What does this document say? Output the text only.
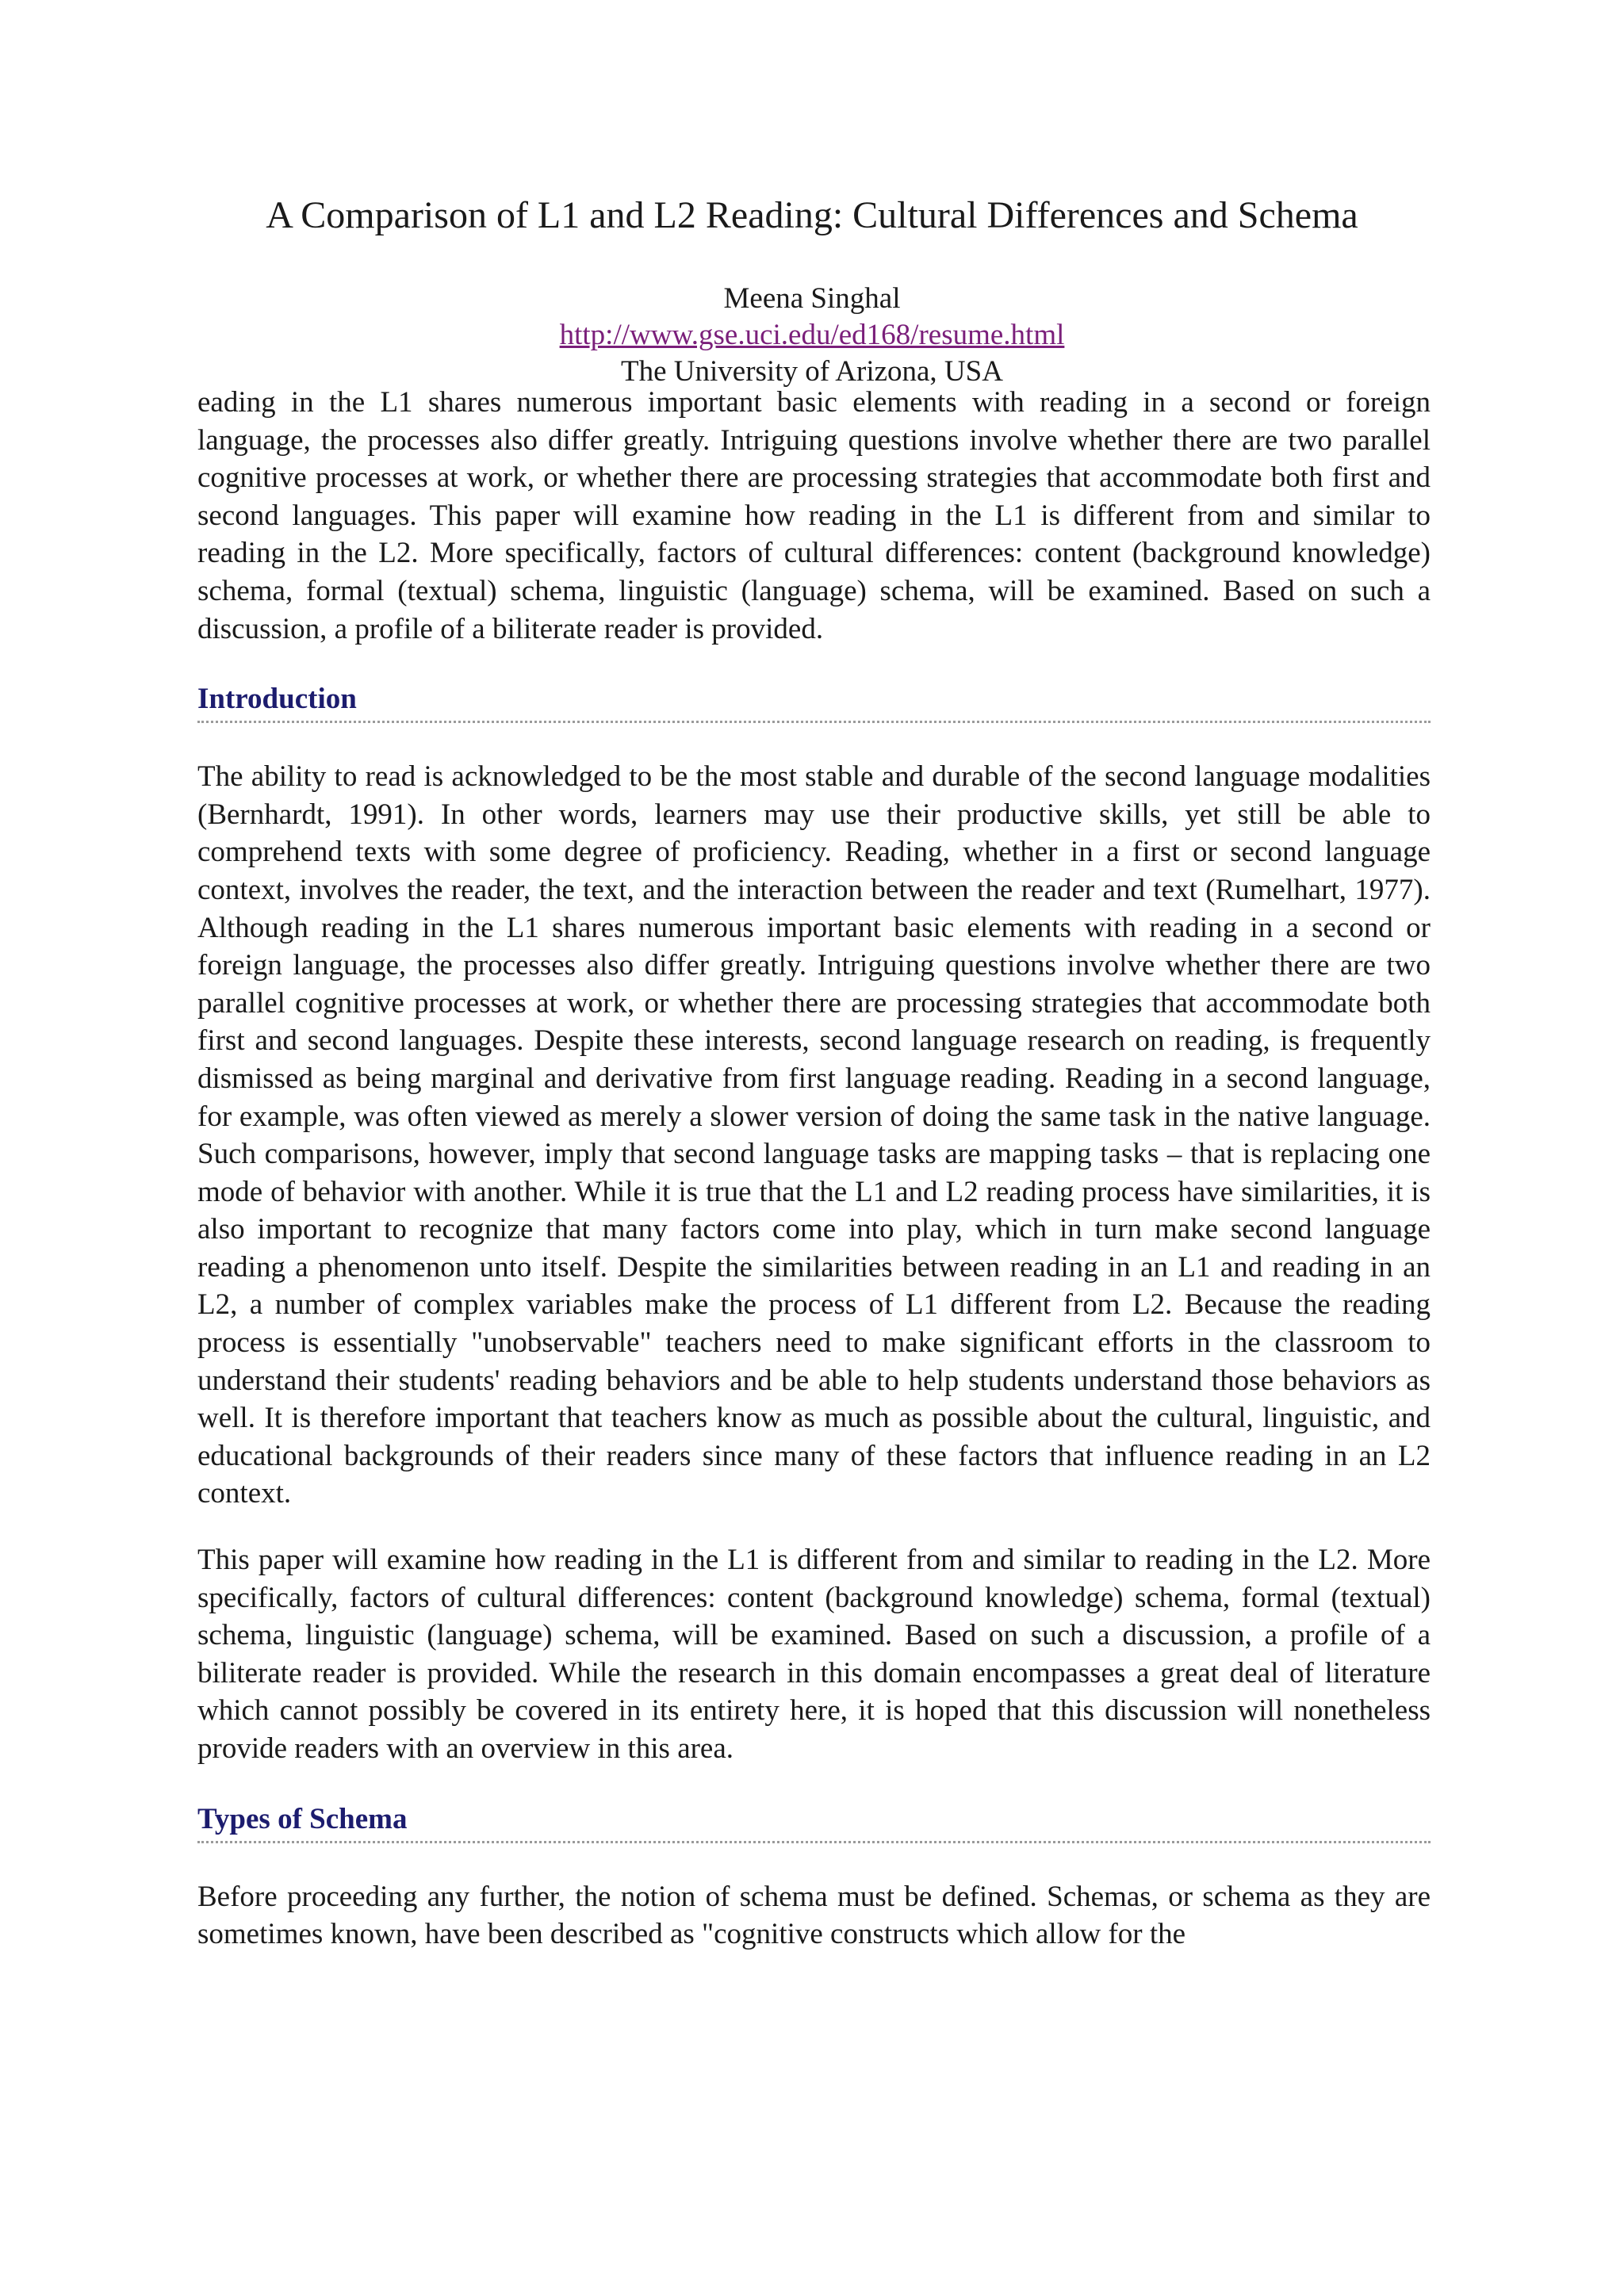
A Comparison of L1 and L2 Reading: Cultural Differences and Schema
Meena Singhal
http://www.gse.uci.edu/ed168/resume.html
The University of Arizona, USA

eading in the L1 shares numerous important basic elements with reading in a second or foreign language, the processes also differ greatly. Intriguing questions involve whether there are two parallel cognitive processes at work, or whether there are processing strategies that accommodate both first and second languages. This paper will examine how reading in the L1 is different from and similar to reading in the L2. More specifically, factors of cultural differences: content (background knowledge) schema, formal (textual) schema, linguistic (language) schema, will be examined. Based on such a discussion, a profile of a biliterate reader is provided.

Introduction

The ability to read is acknowledged to be the most stable and durable of the second language modalities (Bernhardt, 1991). In other words, learners may use their productive skills, yet still be able to comprehend texts with some degree of proficiency. Reading, whether in a first or second language context, involves the reader, the text, and the interaction between the reader and text (Rumelhart, 1977). Although reading in the L1 shares numerous important basic elements with reading in a second or foreign language, the processes also differ greatly. Intriguing questions involve whether there are two parallel cognitive processes at work, or whether there are processing strategies that accommodate both first and second languages. Despite these interests, second language research on reading, is frequently dismissed as being marginal and derivative from first language reading. Reading in a second language, for example, was often viewed as merely a slower version of doing the same task in the native language. Such comparisons, however, imply that second language tasks are mapping tasks – that is replacing one mode of behavior with another. While it is true that the L1 and L2 reading process have similarities, it is also important to recognize that many factors come into play, which in turn make second language reading a phenomenon unto itself. Despite the similarities between reading in an L1 and reading in an L2, a number of complex variables make the process of L1 different from L2. Because the reading process is essentially "unobservable" teachers need to make significant efforts in the classroom to understand their students' reading behaviors and be able to help students understand those behaviors as well. It is therefore important that teachers know as much as possible about the cultural, linguistic, and educational backgrounds of their readers since many of these factors that influence reading in an L2 context.

This paper will examine how reading in the L1 is different from and similar to reading in the L2. More specifically, factors of cultural differences: content (background knowledge) schema, formal (textual) schema, linguistic (language) schema, will be examined. Based on such a discussion, a profile of a biliterate reader is provided. While the research in this domain encompasses a great deal of literature which cannot possibly be covered in its entirety here, it is hoped that this discussion will nonetheless provide readers with an overview in this area.

Types of Schema

Before proceeding any further, the notion of schema must be defined. Schemas, or schema as they are sometimes known, have been described as "cognitive constructs which allow for the
